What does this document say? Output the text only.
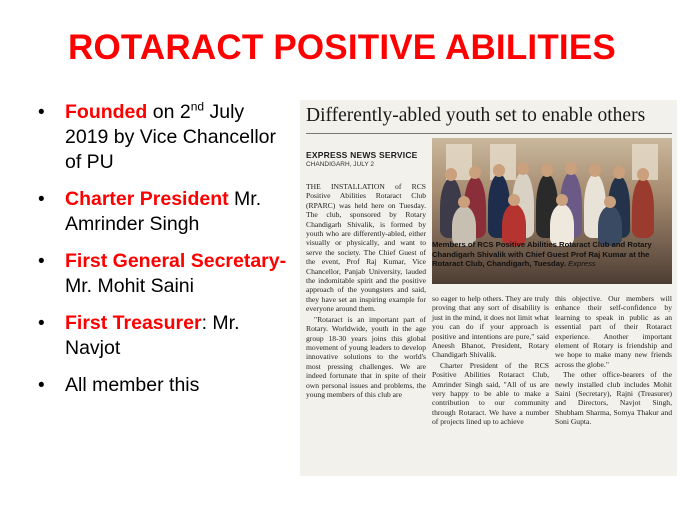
ROTARACT POSITIVE ABILITIES
• Founded on 2nd July 2019 by Vice Chancellor of PU
• Charter President Mr. Amrinder Singh
• First General Secretary- Mr. Mohit Saini
• First Treasurer: Mr. Navjot
• All member this
Differently-abled youth set to enable others
EXPRESS NEWS SERVICE
CHANDIGARH, JULY 2

THE INSTALLATION of RCS Positive Abilities Rotaract Club (RPARC) was held here on Tuesday. The club, sponsored by Rotary Chandigarh Shivalik, is formed by youth who are differently-abled, either visually or physically, and want to serve the society. The Chief Guest of the event, Prof Raj Kumar, Vice Chancellor, Panjab University, lauded the indomitable spirit and the positive approach of the youngsters and said, they have set an inspiring example for everyone around them.

"Rotaract is an important part of Rotary. Worldwide, youth in the age group 18-30 years joins this global movement of young leaders to develop innovative solutions to the world's most pressing challenges. We are indeed fortunate that in spite of their own personal issues and problems, the young members of this club are

Members of RCS Positive Abilities Rotaract Club and Rotary Chandigarh Shivalik with Chief Guest Prof Raj Kumar at the Rotaract Club, Chandigarh, Tuesday. Express

so eager to help others. They are truly proving that any sort of disability is just in the mind, it does not limit what you can do if your approach is positive and intentions are pure," said Aneesh Bhanot, President, Rotary Chandigarh Shivalik.

Charter President of the RCS Positive Abilities Rotaract Club, Amrinder Singh said, "All of us are very happy to be able to make a contribution to our community through Rotaract. We have a number of projects lined up to achieve

this objective. Our members will enhance their self-confidence by learning to speak in public as an essential part of their Rotaract experience. Another important element of Rotary is friendship and we hope to make many new friends across the globe."

The other office-bearers of the newly installed club includes Mohit Saini (Secretary), Rajni (Treasurer) and Directors, Navjot Singh, Shubham Sharma, Somya Thakur and Soni Gupta.
